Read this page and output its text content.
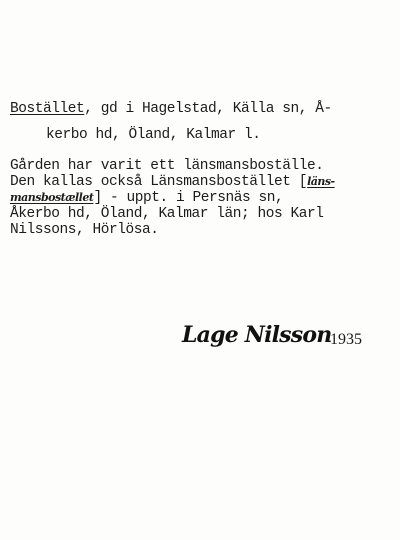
Bostället, gd i Hagelstad, Källa sn, Å-
kerbo hd, Öland, Kalmar l.
Gården har varit ett länsmansboställe.
Den kallas också Länsmansbostället [läns-
mansbostællet] - uppt. i Persnäs sn,
Åkerbo hd, Öland, Kalmar län; hos Karl
Nilssons, Hörlösa.
Lage Nilsson
1935
